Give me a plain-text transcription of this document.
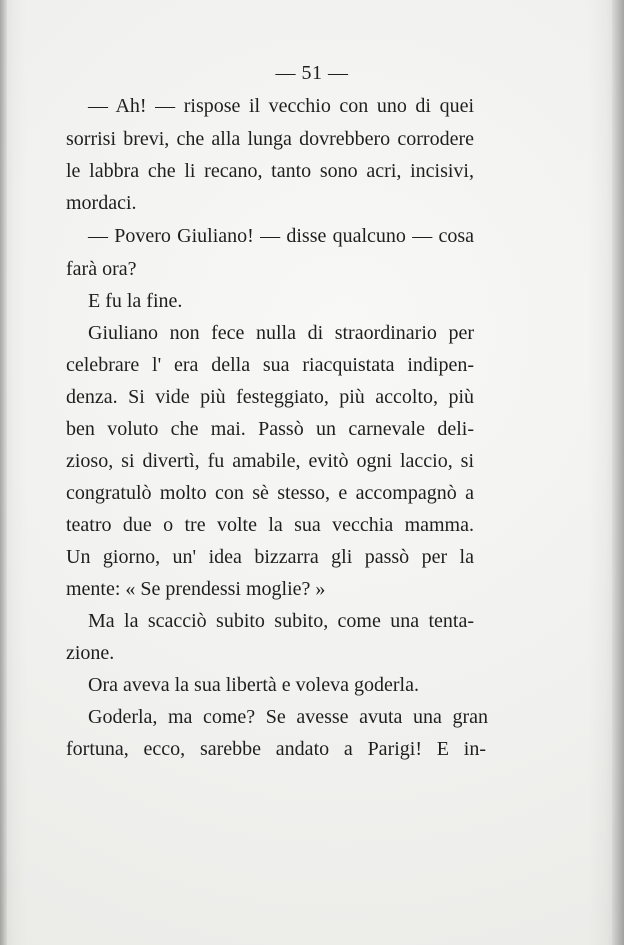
— 51 —
— Ah! — rispose il vecchio con uno di quei
sorrisi brevi, che alla lunga dovrebbero corrodere
le labbra che li recano, tanto sono acri, incisivi,
mordaci.
— Povero Giuliano! — disse qualcuno — cosa
farà ora?
E fu la fine.
Giuliano non fece nulla di straordinario per
celebrare l' era della sua riacquistata indipen-
denza. Si vide più festeggiato, più accolto, più
ben voluto che mai. Passò un carnevale deli-
zioso, si divertì, fu amabile, evitò ogni laccio, si
congratulò molto con sè stesso, e accompagnò a
teatro due o tre volte la sua vecchia mamma.
Un giorno, un' idea bizzarra gli passò per la
mente: « Se prendessi moglie? »
Ma la scacciò subito subito, come una tenta-
zione.
Ora aveva la sua libertà e voleva goderla.
Goderla, ma come? Se avesse avuta una gran
fortuna, ecco, sarebbe andato a Parigi! E in-
